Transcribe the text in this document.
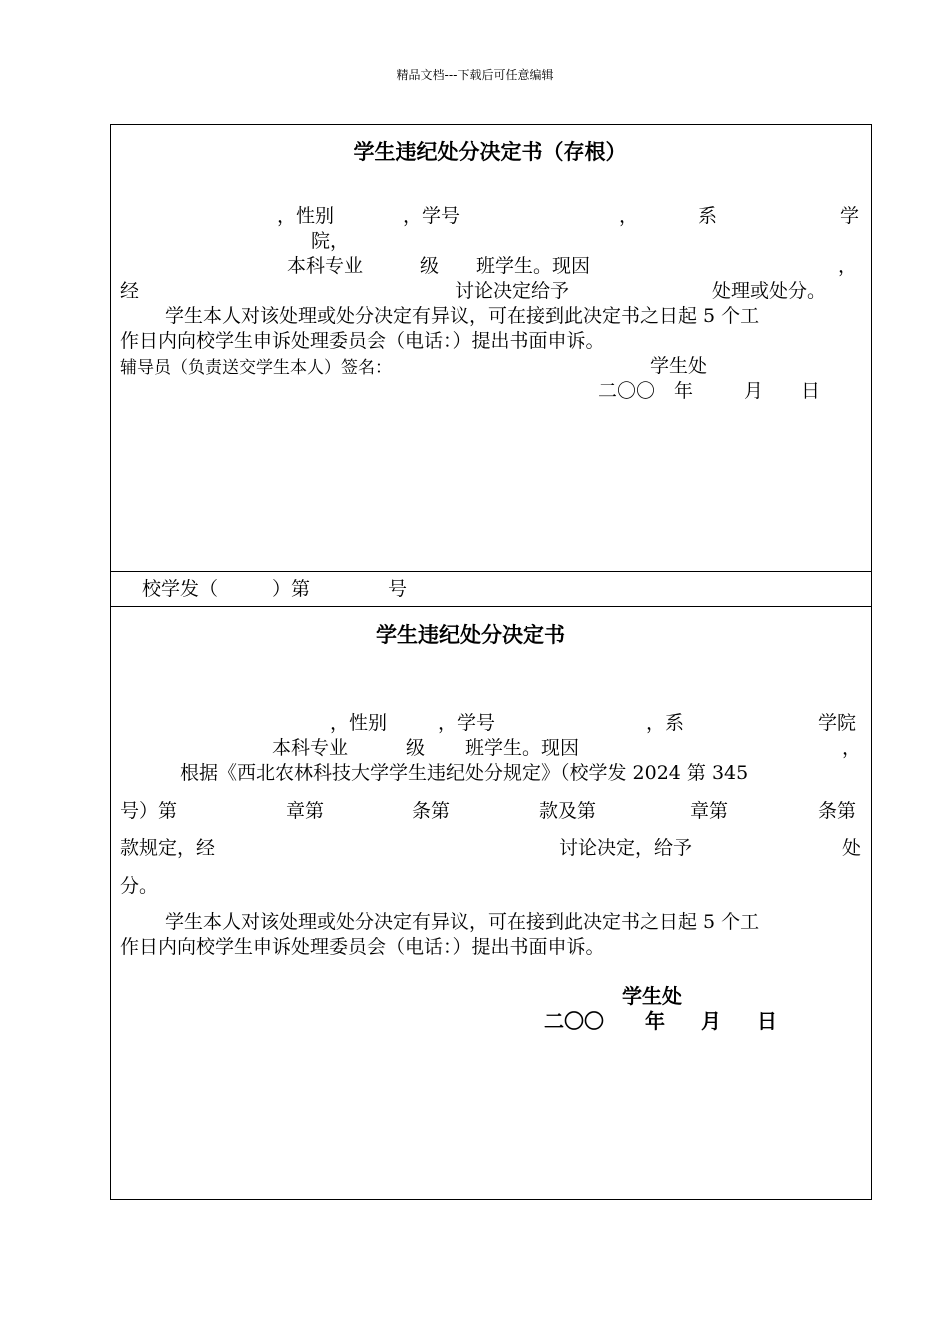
精品文档---下载后可任意编辑
学生违纪处分决定书（存根）
，性别	，学号	，	系	学
院，
本科专业	级 班学生。现因	，
经	讨论决定给予	处理或处分。
学生本人对该处理或处分决定有异议，可在接到此决定书之日起 5 个工
作日内向校学生申诉处理委员会（电话：）提出书面申诉。
辅导员（负责送交学生本人）签名：	学生处
二〇〇　年	月 日
校学发（	）第	号
学生违纪处分决定书
，性别	，学号	，系	学院
本科专业	级 班学生。现因	，
根据《西北农林科技大学学生违纪处分规定》（校学发 2024 第 345
号）第	章第	条第	款及第	章第	条第
款规定，经	讨论决定，给予	处
分。
学生本人对该处理或处分决定有异议，可在接到此决定书之日起 5 个工
作日内向校学生申诉处理委员会（电话：）提出书面申诉。
学生处
二〇〇 年 月 日
